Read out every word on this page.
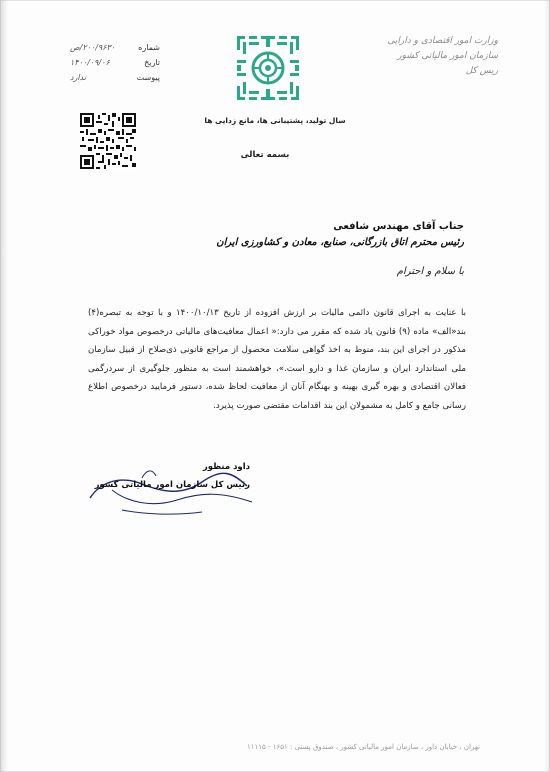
وزارت امور اقتصادی و دارایی
سازمان امور مالیاتی کشور
ریس کل
سال تولید، پشتیبانی ها، مانع زدایی ها
بسمه تعالی
شماره
۲۰۰/۹۶۳۰/ص
تاریخ
۱۴۰۰/۰۹/۰۶
پیوست
ندارد
جناب آقای مهندس شافعی
رئیس محترم اتاق بازرگانی، صنایع، معادن و کشاورزی ایران
با سلام و احترام
با عنایت به اجرای قانون دائمی مالیات بر ارزش افزوده از تاریخ ۱۴۰۰/۱۰/۱۳ و با توجه به تبصره(۴) بند«الف» ماده (۹) قانون یاد شده که مقرر می دارد:« اعمال معافیت‌های مالیاتی درخصوص مواد خوراکی مذکور در اجرای این بند، منوط به اخذ گواهی سلامت محصول از مراجع قانونی ذی‌صلاح از قبیل سازمان ملی استاندارد ایران و سازمان غذا و دارو است.»، خواهشمند است به منظور جلوگیری از سردرگمی فعالان اقتصادی و بهره گیری بهینه و بهنگام آنان از معافیت لحاظ شده، دستور فرمایید درخصوص اطلاع رسانی جامع و کامل به مشمولان این بند اقدامات مقتضی صورت پذیرد.
داود منظور
رئیس کل سازمان امور مالیاتی کشور
تهران ، خیابان داور ، سازمان امور مالیاتی کشور ، صندوق پستی : ۱۶۵۱ - ۱۱۱۱۵
